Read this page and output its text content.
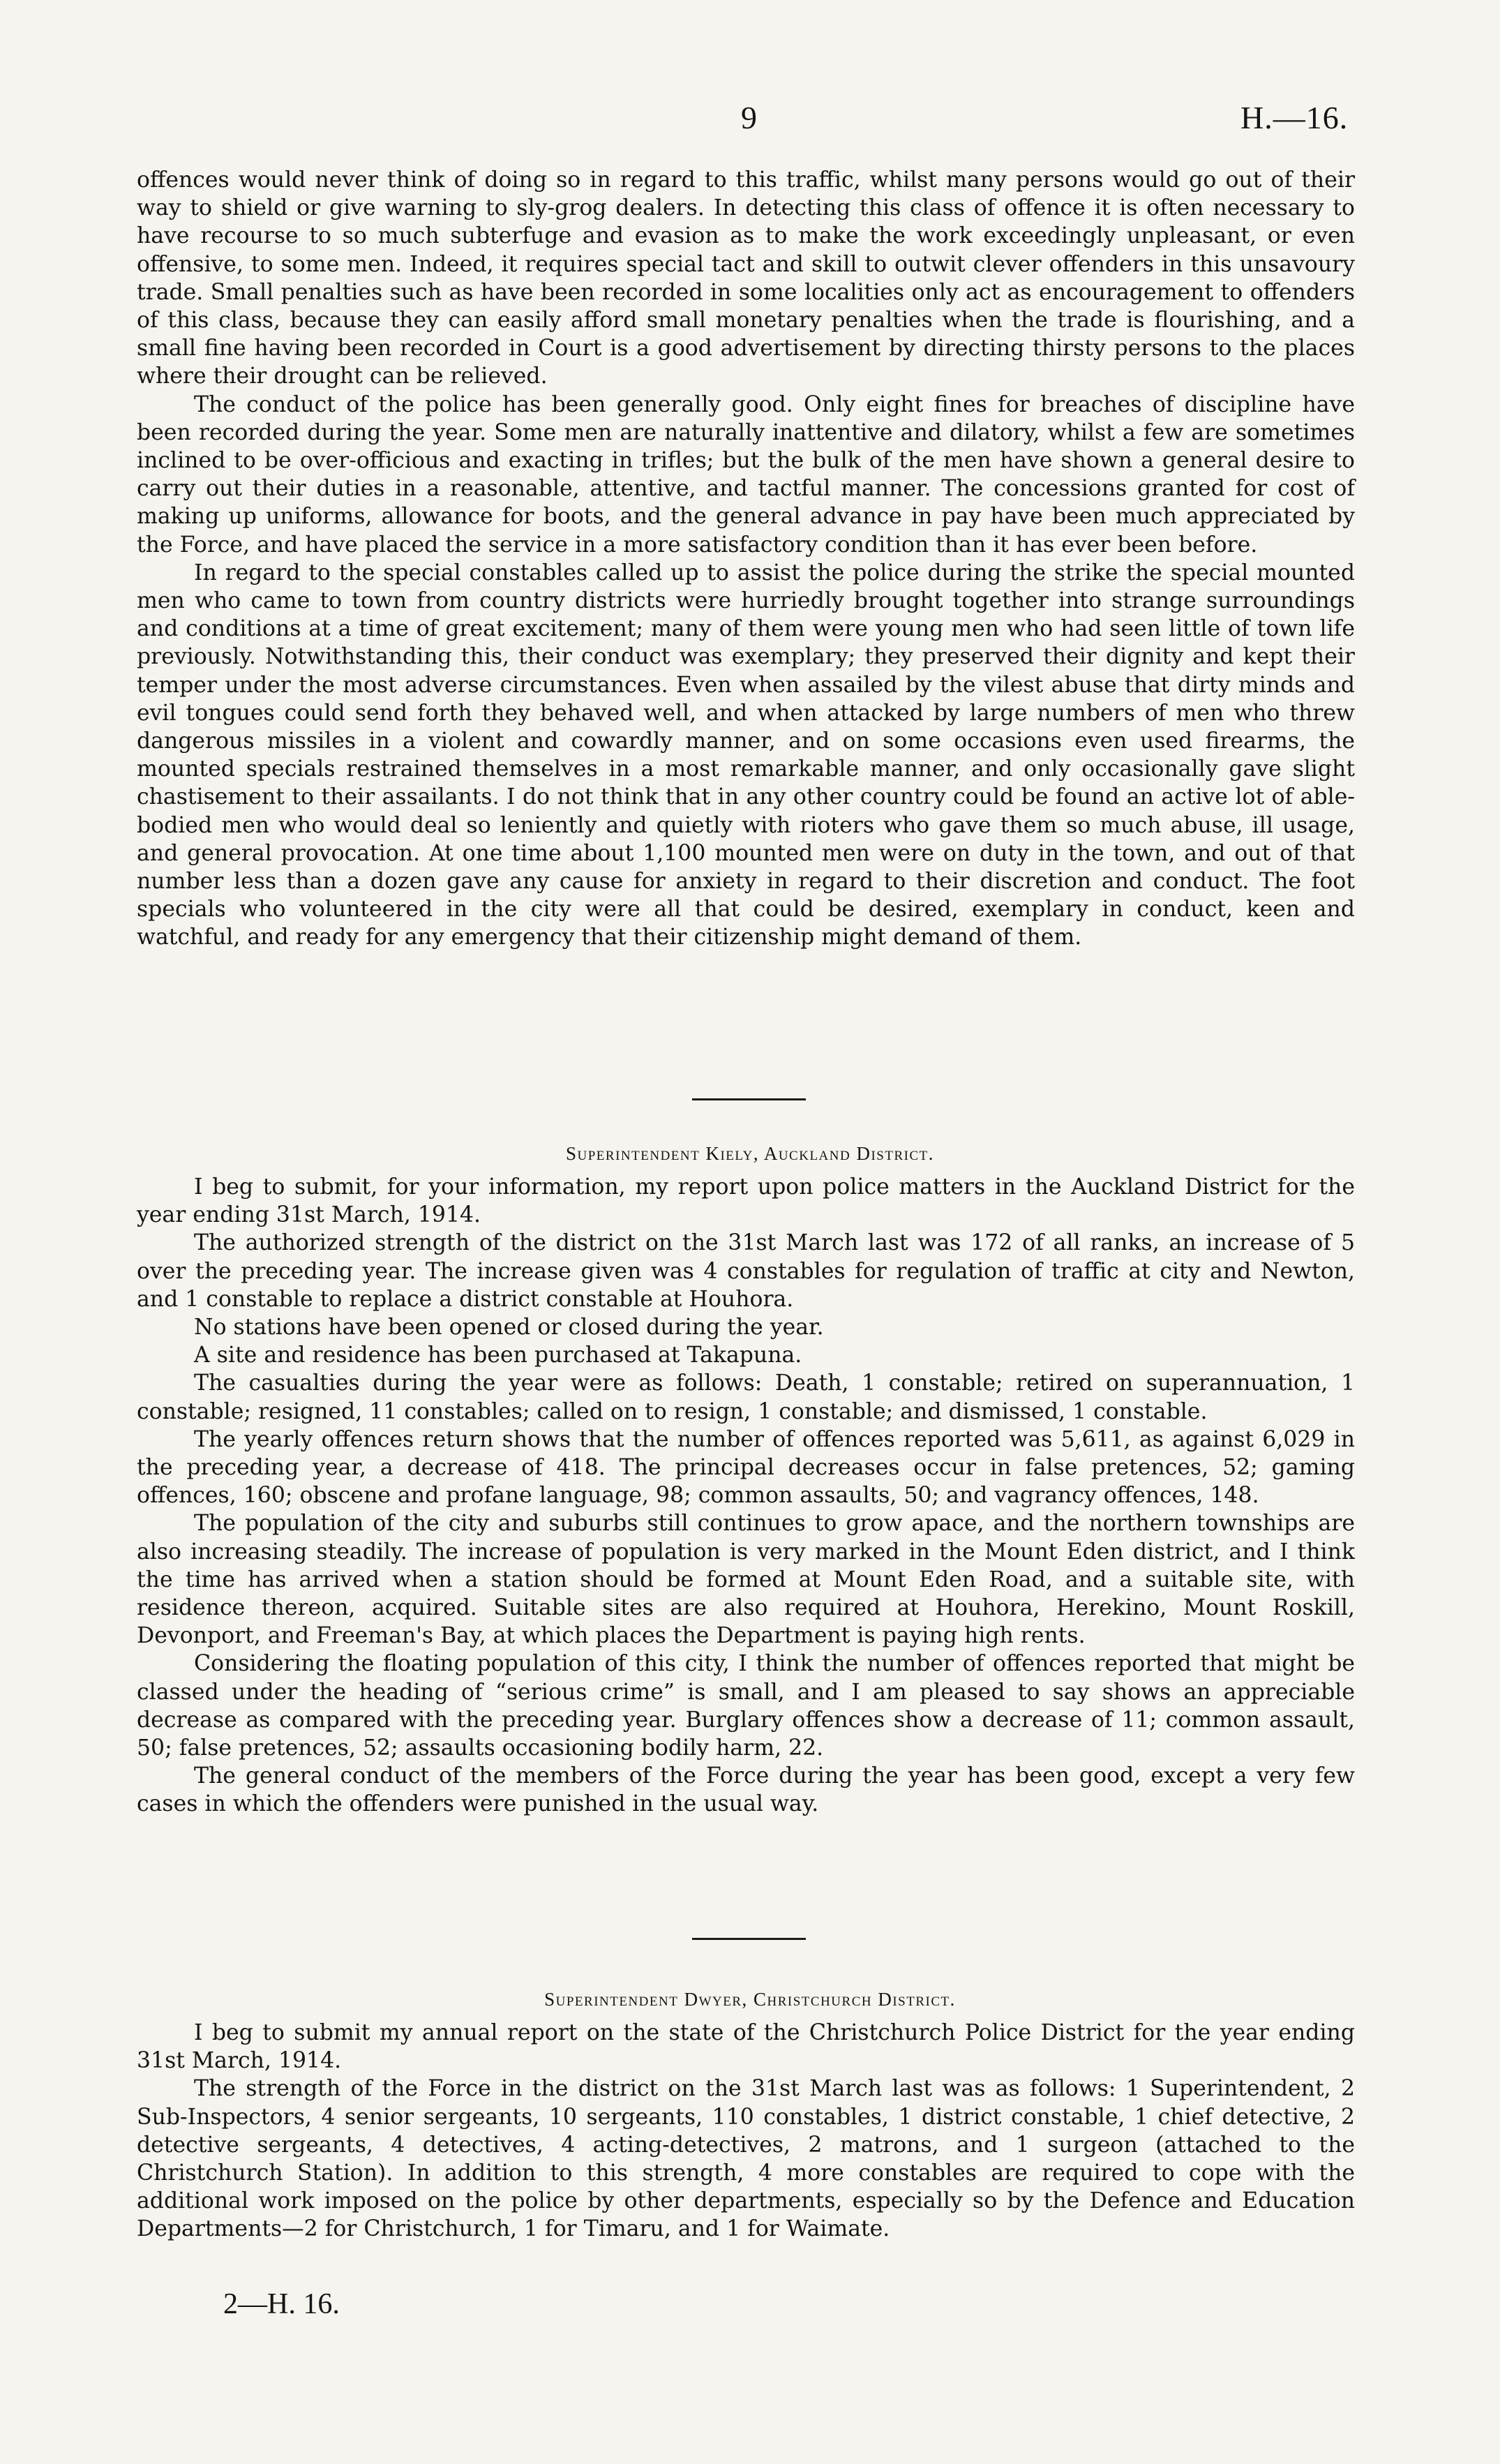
9	H.—16.

offences would never think of doing so in regard to this traffic, whilst many persons would go out of their way to shield or give warning to sly-grog dealers. In detecting this class of offence it is often necessary to have recourse to so much subterfuge and evasion as to make the work exceedingly unpleasant, or even offensive, to some men. Indeed, it requires special tact and skill to outwit clever offenders in this unsavoury trade. Small penalties such as have been recorded in some localities only act as encouragement to offenders of this class, because they can easily afford small monetary penalties when the trade is flourishing, and a small fine having been recorded in Court is a good advertisement by directing thirsty persons to the places where their drought can be relieved.

The conduct of the police has been generally good. Only eight fines for breaches of discipline have been recorded during the year. Some men are naturally inattentive and dilatory, whilst a few are sometimes inclined to be over-officious and exacting in trifles; but the bulk of the men have shown a general desire to carry out their duties in a reasonable, attentive, and tactful manner. The concessions granted for cost of making up uniforms, allowance for boots, and the general advance in pay have been much appreciated by the Force, and have placed the service in a more satisfactory condition than it has ever been before.

In regard to the special constables called up to assist the police during the strike the special mounted men who came to town from country districts were hurriedly brought together into strange surroundings and conditions at a time of great excitement; many of them were young men who had seen little of town life previously. Notwithstanding this, their conduct was exemplary; they preserved their dignity and kept their temper under the most adverse circumstances. Even when assailed by the vilest abuse that dirty minds and evil tongues could send forth they behaved well, and when attacked by large numbers of men who threw dangerous missiles in a violent and cowardly manner, and on some occasions even used firearms, the mounted specials restrained themselves in a most remarkable manner, and only occasionally gave slight chastisement to their assailants. I do not think that in any other country could be found an active lot of able-bodied men who would deal so leniently and quietly with rioters who gave them so much abuse, ill usage, and general provocation. At one time about 1,100 mounted men were on duty in the town, and out of that number less than a dozen gave any cause for anxiety in regard to their discretion and conduct. The foot specials who volunteered in the city were all that could be desired, exemplary in conduct, keen and watchful, and ready for any emergency that their citizenship might demand of them.

Superintendent Kiely, Auckland District.

I beg to submit, for your information, my report upon police matters in the Auckland District for the year ending 31st March, 1914.

The authorized strength of the district on the 31st March last was 172 of all ranks, an increase of 5 over the preceding year. The increase given was 4 constables for regulation of traffic at city and Newton, and 1 constable to replace a district constable at Houhora.

No stations have been opened or closed during the year.

A site and residence has been purchased at Takapuna.

The casualties during the year were as follows: Death, 1 constable; retired on superannuation, 1 constable; resigned, 11 constables; called on to resign, 1 constable; and dismissed, 1 constable.

The yearly offences return shows that the number of offences reported was 5,611, as against 6,029 in the preceding year, a decrease of 418. The principal decreases occur in false pretences, 52; gaming offences, 160; obscene and profane language, 98; common assaults, 50; and vagrancy offences, 148.

The population of the city and suburbs still continues to grow apace, and the northern townships are also increasing steadily. The increase of population is very marked in the Mount Eden district, and I think the time has arrived when a station should be formed at Mount Eden Road, and a suitable site, with residence thereon, acquired. Suitable sites are also required at Houhora, Herekino, Mount Roskill, Devonport, and Freeman's Bay, at which places the Department is paying high rents.

Considering the floating population of this city, I think the number of offences reported that might be classed under the heading of “serious crime” is small, and I am pleased to say shows an appreciable decrease as compared with the preceding year. Burglary offences show a decrease of 11; common assault, 50; false pretences, 52; assaults occasioning bodily harm, 22.

The general conduct of the members of the Force during the year has been good, except a very few cases in which the offenders were punished in the usual way.

Superintendent Dwyer, Christchurch District.

I beg to submit my annual report on the state of the Christchurch Police District for the year ending 31st March, 1914.

The strength of the Force in the district on the 31st March last was as follows: 1 Superintendent, 2 Sub-Inspectors, 4 senior sergeants, 10 sergeants, 110 constables, 1 district constable, 1 chief detective, 2 detective sergeants, 4 detectives, 4 acting-detectives, 2 matrons, and 1 surgeon (attached to the Christchurch Station). In addition to this strength, 4 more constables are required to cope with the additional work imposed on the police by other departments, especially so by the Defence and Education Departments—2 for Christchurch, 1 for Timaru, and 1 for Waimate.

2—H. 16.
